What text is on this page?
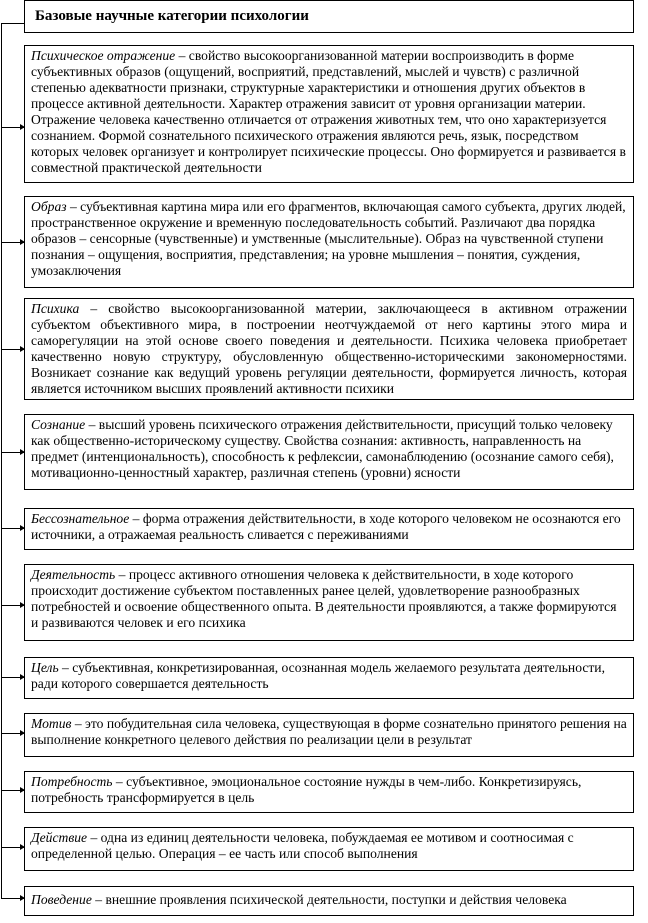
Базовые научные категории психологии
Психическое отражение – свойство высокоорганизованной материи воспроизводить в форме субъективных образов (ощущений, восприятий, представлений, мыслей и чувств) с различной степенью адекватности признаки, структурные характеристики и отношения других объектов в процессе активной деятельности. Характер отражения зависит от уровня организации материи. Отражение человека качественно отличается от отражения животных тем, что оно характеризуется сознанием. Формой сознательного психического отражения являются речь, язык, посредством которых человек организует и контролирует психические процессы. Оно формируется и развивается в совместной практической деятельности
Образ – субъективная картина мира или его фрагментов, включающая самого субъекта, других людей, пространственное окружение и временную последовательность событий. Различают два порядка образов – сенсорные (чувственные) и умственные (мыслительные). Образ на чувственной ступени познания – ощущения, восприятия, представления; на уровне мышления – понятия, суждения, умозаключения
Психика – свойство высокоорганизованной материи, заключающееся в активном отражении субъектом объективного мира, в построении неотчуждаемой от него картины этого мира и саморегуляции на этой основе своего поведения и деятельности. Психика человека приобретает качественно новую структуру, обусловленную общественно-историческими закономерностями. Возникает сознание как ведущий уровень регуляции деятельности, формируется личность, которая является источником высших проявлений активности психики
Сознание – высший уровень психического отражения действительности, присущий только человеку как общественно-историческому существу. Свойства сознания: активность, направленность на предмет (интенциональность), способность к рефлексии, самонаблюдению (осознание самого себя), мотивационно-ценностный характер, различная степень (уровни) ясности
Бессознательное – форма отражения действительности, в ходе которого человеком не осознаются его источники, а отражаемая реальность сливается с переживаниями
Деятельность – процесс активного отношения человека к действительности, в ходе которого происходит достижение субъектом поставленных ранее целей, удовлетворение разнообразных потребностей и освоение общественного опыта. В деятельности проявляются, а также формируются и развиваются человек и его психика
Цель – субъективная, конкретизированная, осознанная модель желаемого результата деятельности, ради которого совершается деятельность
Мотив – это побудительная сила человека, существующая в форме сознательно принятого решения на выполнение конкретного целевого действия по реализации цели в результат
Потребность – субъективное, эмоциональное состояние нужды в чем-либо. Конкретизируясь, потребность трансформируется в цель
Действие – одна из единиц деятельности человека, побуждаемая ее мотивом и соотносимая с определенной целью. Операция – ее часть или способ выполнения
Поведение – внешние проявления психической деятельности, поступки и действия человека
